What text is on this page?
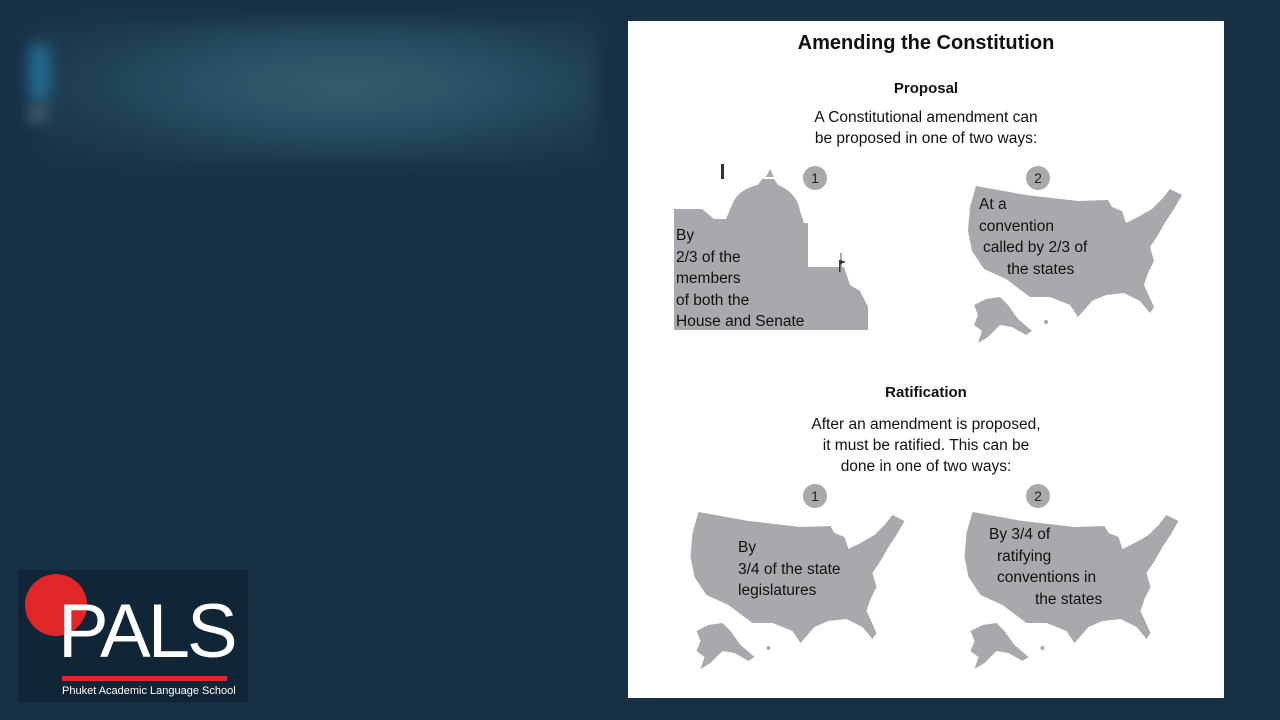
PALS
Phuket Academic Language School
Amending the Constitution
Proposal
A Constitutional amendment can
be proposed in one of two ways:
1	2
By
2/3 of the
members
of both the
House and Senate
At a
convention
called by 2/3 of
the states
Ratification
After an amendment is proposed,
it must be ratified. This can be
done in one of two ways:
1	2
By
3/4 of the state
legislatures
By 3/4 of
ratifying
conventions in
the states
